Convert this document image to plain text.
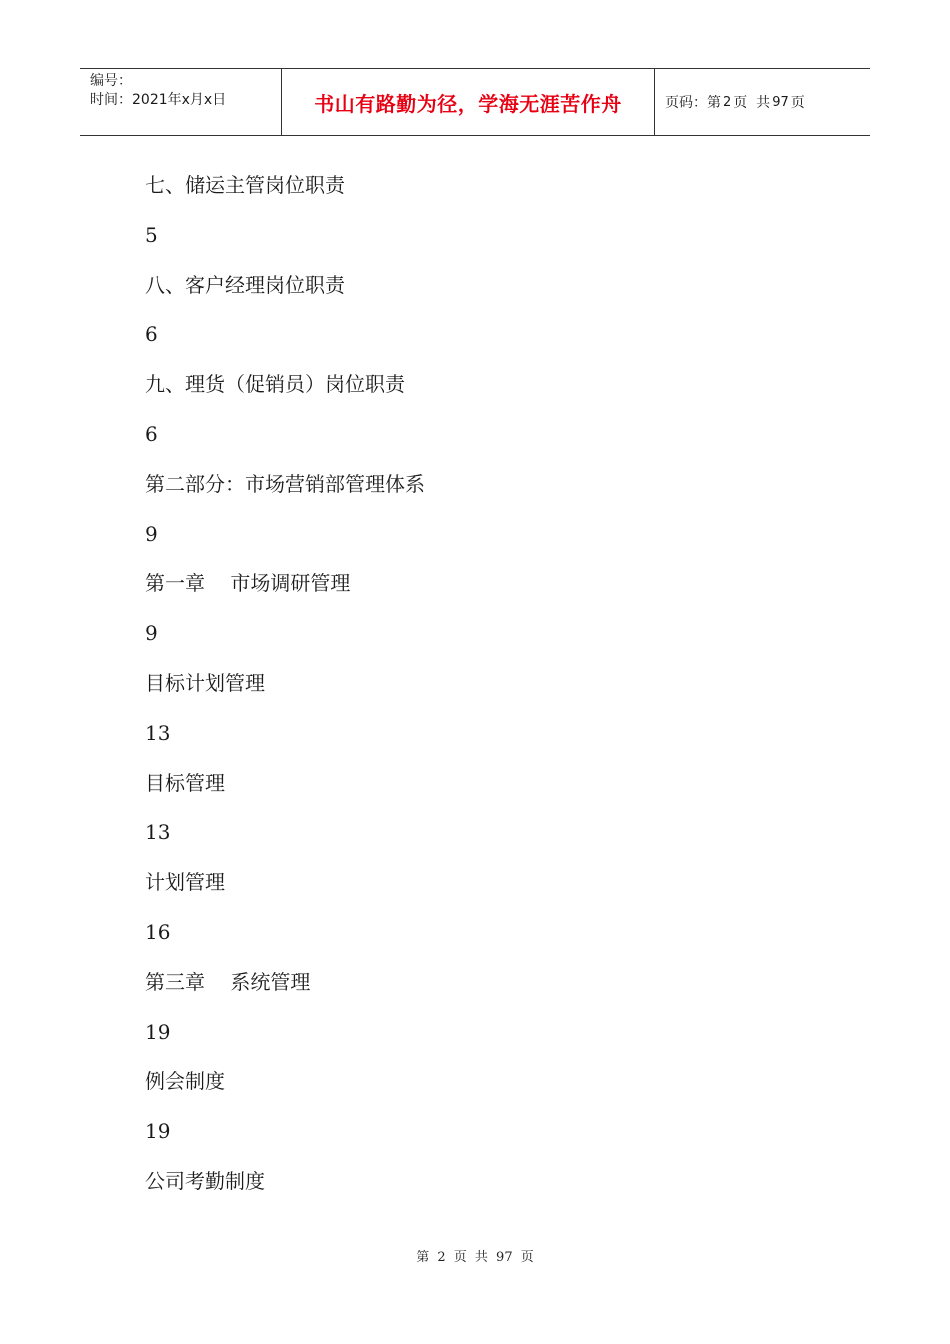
编号：
时间：2021年x月x日	书山有路勤为径，学海无涯苦作舟	页码：第 2 页  共 97 页
七、储运主管岗位职责
5
八、客户经理岗位职责
6
九、理货（促销员）岗位职责
6
第二部分：市场营销部管理体系
9
第一章    市场调研管理
9
目标计划管理
13
目标管理
13
计划管理
16
第三章    系统管理
19
例会制度
19
公司考勤制度
第 2 页 共 97 页
